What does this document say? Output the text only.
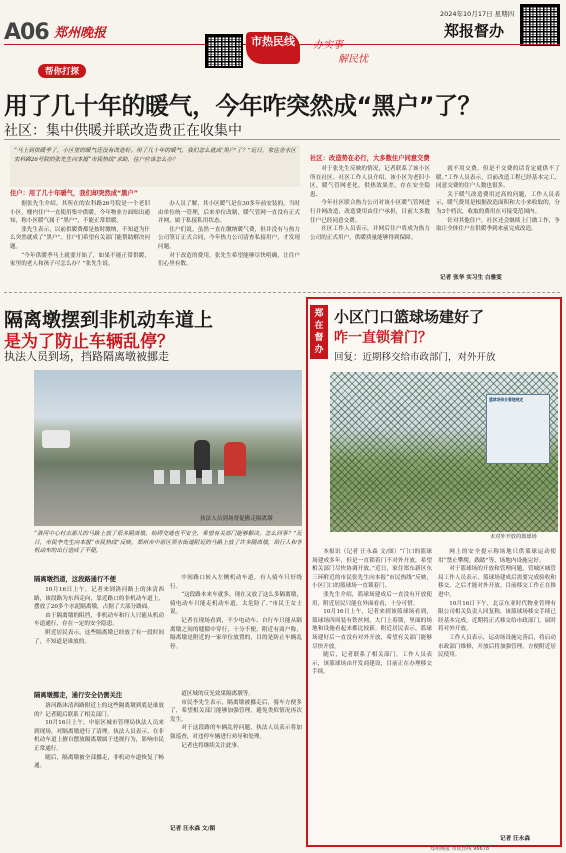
A06 郑州晚报
2024年10月17日 星期四
郑报督办
市热民线	办实事
解民忧
帮你打探
用了几十年的暖气，今年咋突然成“黑户”了？
社区：集中供暖并联改造费正在收集中
“马上到供暖季了，小区里的暖气还没有改造好。用了几十年的暖气，我们怎么就成‘黑户’了？”近日，家住金水区农科路26号院的张先生向本报“市民热线”求助，住户应该怎么办？
住户：用了几十年暖气，我们却突然成“黑户”

据张先生介绍，其所在的农科路26号院是一个老旧小区，楼内住户一直使用集中供暖。今年物业方面贴出通知，称小区暖气属于“黑户”，不能正常供暖。

张先生表示，以前供暖费都是按时缴纳，不知道为什么突然就成了“黑户”。住户们希望有关部门能帮助解决问题。

“今年供暖季马上就要开始了，如果不能正常供暖，家里的老人和孩子可怎么办？”张先生说。

办人员了解，其小区暖气是在30多年前安装的，当时由单位统一管理，后来单位改制，暖气管网一直没有正式并网，属于私接私用状态。

住户们说，虽然一直在缴纳暖气费，但并没有与热力公司签订正式合同，今年热力公司清查私接用户，才发现问题。

对于改造的费用，张先生希望能够尽快明确，让住户们心里有数。

社区：改造势在必行，大多数住户同意交费

对于张先生反映的情况，记者联系了该小区所在社区。社区工作人员介绍，该小区为老旧小区，暖气管网老化，供热效果差，存在安全隐患。

今年社区联合热力公司对该小区暖气管网进行并网改造，改造费用由住户承担，目前大多数住户已经同意交费。

社区工作人员表示，并网后住户将成为热力公司的正式用户，供暖质量能够得到保障。

就不用交费，但是不交费的话肯定就供不了暖。”工作人员表示，目前改造工程已经基本完工，同意交费的住户人数也很多。

关于暖气改造费用过高的问题，工作人员表示，暖气费用是根据改造面积和大小来收取的，分为3个档次，收取的费用在可接受范围内。

针对其他住户，社区还会继续上门做工作，争取让全体住户在供暖季到来前完成改造。

记者 张华 实习生 白雅雯
隔离墩摆到非机动车道上
是为了防止车辆乱停？
执法人员到场，挡路隔离墩被挪走
执法人员到场督促搬走隔离墩
“洛河中心村亲那儿的马路上放了很多隔离墩，妨碍交通也不安全，希望有关部门能够解决，怎么回事？”近日，市民李先生向本报“市民热线”反映，郑州市中原区须水街道附近的马路上放了许多隔离墩，给行人和非机动车的出行造成了不便。
隔离墩挡道，这段路通行不便

10月16日上午，记者来到洛河路上的沐清西路，该段路为东西走向，靠近路口的非机动车道上，摆放了20多个水泥隔离墩，占据了大部分路面。

由于隔离墩的阻挡，非机动车和行人只能从机动车道通行，存在一定的安全隐患。

附近居民表示，这些隔离墩已经放了有一段时间了，不知道是谁放的。

中间路口转入左侧机动车道，有人骑车只好绕行。

“这段路本来车就多，现在又放了这么多隔离墩，骑电动车只能走机动车道，太危险了。”市民王女士说。

记者在现场看到，不少电动车、自行车只能从隔离墩之间的缝隙中穿行，十分不便。附近有商户称，隔离墩是附近的一家单位放置的，目的是防止车辆乱停。

隔离墩挪走，通行安全仍需关注

洛河路沐清西路附近上的这些隔离墩到底是谁放的？记者随后联系了相关部门。

10月16日上午，中原区城市管理局执法人员来到现场，对隔离墩进行了清理。执法人员表示，在非机动车道上擅自摆放隔离墩属于违规行为，影响市民正常通行。

随后，隔离墩被全部挪走，非机动车道恢复了畅通。

道区域的反光效果隔离墩等。

市民李先生表示，隔离墩被挪走后，骑车方便多了，希望相关部门能够加强管理，避免类似情况再次发生。

对于这段路的车辆乱停问题，执法人员表示将加强巡查，对违停车辆进行劝导和处理。

记者也将继续关注此事。

记者 汪永森 文/图
郑
在
督
办
小区门口篮球场建好了
咋一直锁着门？
回复：近期移交给市政部门，对外开放
篮球场综合管理规定
未对外开放的篮球场

本报讯（记者 汪永森 文/图）“门口的篮球场建成多年，但是一直锁着门不对外开放，希望相关部门尽快协调开放。”近日，家住郑东新区东三环附近的市民张先生向本报“市民热线”反映，小区门口的篮球场一直锁着门。

张先生介绍，篮球场建成后一直没有开放使用，附近居民只能在外面看看，十分可惜。

10月16日上午，记者来到该篮球场看到，篮球场四周装有铁丝网，大门上着锁，里面的场地和设施看起来都比较新。附近居民表示，篮球场建好后一直没有对外开放，希望有关部门能够尽快开放。

随后，记者联系了相关部门。工作人员表示，该篮球场由开发商建设，目前正在办理移交手续。

网上的安全提示称场地只供篮球运动使用“禁止攀爬、践踏”等，场地内设施完好。

对于篮球场的开放和管理问题，管城区城管局工作人员表示，篮球场建成后需要完成验收和移交，之后才能对外开放。目前移交工作正在推进中。

10月16日下午，北京东亚时代物业管理有限公司相关负责人回复称，该篮球场移交手续已经基本完成，近期将正式移交给市政部门，届时将对外开放。

工作人员表示，运动场设施完善后，将启动市政部门维修，开放后将加强管理，方便附近居民使用。

记者 汪永森
郑州晚报 市民热线 96678
